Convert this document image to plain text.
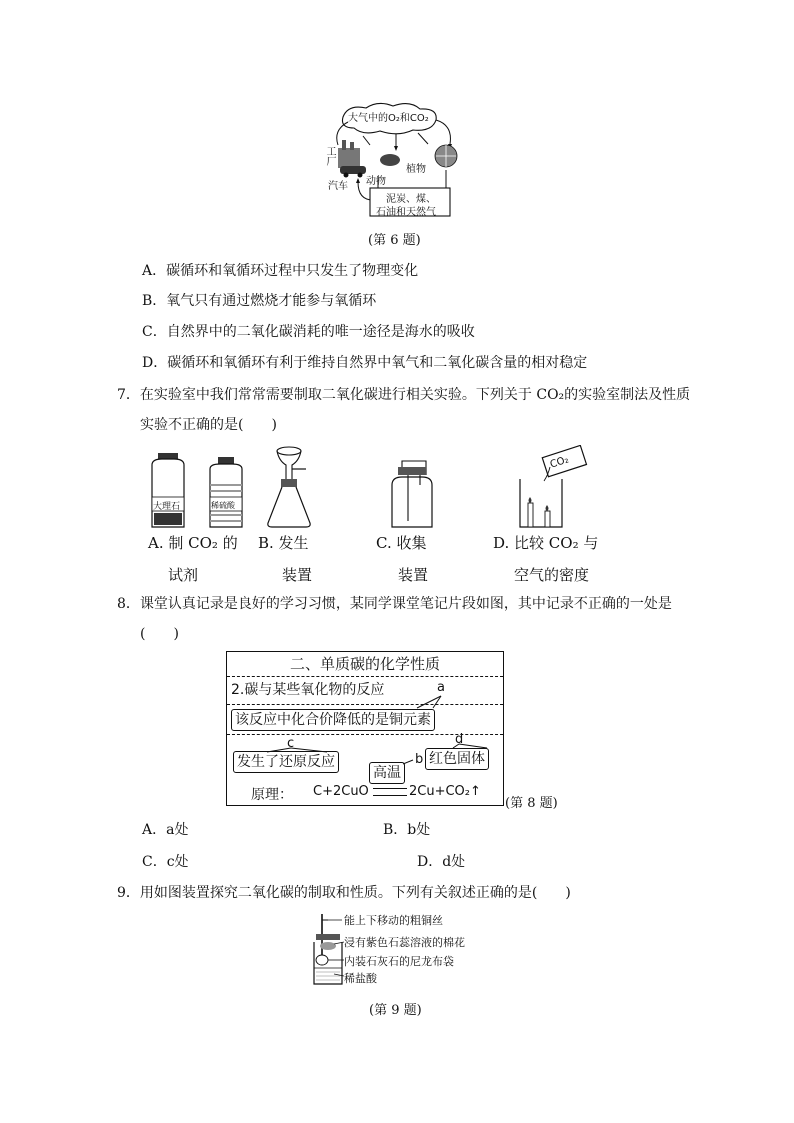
大气中的O₂和CO₂
工厂
汽车 动物
植物
泥炭、煤、
石油和天然气
(第 6 题)
A．碳循环和氧循环过程中只发生了物理变化
B．氧气只有通过燃烧才能参与氧循环
C．自然界中的二氧化碳消耗的唯一途径是海水的吸收
D．碳循环和氧循环有利于维持自然界中氧气和二氧化碳含量的相对稳定
7．在实验室中我们常常需要制取二氧化碳进行相关实验。下列关于 CO₂的实验室制法及性质
实验不正确的是(　　)
大理石	稀硫酸
CO₂
A. 制 CO₂ 的
试剂
B. 发生
装置
C. 收集
装置
D. 比较 CO₂ 与
空气的密度
8．课堂认真记录是良好的学习习惯，某同学课堂笔记片段如图，其中记录不正确的一处是
(　　)
二、单质碳的化学性质
2.碳与某些氧化物的反应
该反应中化合价降低的是铜元素
a
c	d
发生了还原反应
高温
b 红色固体
原理： C+2CuO	2Cu+CO₂↑
(第 8 题)
A．a处	B．b处
C．c处	D．d处
9．用如图装置探究二氧化碳的制取和性质。下列有关叙述正确的是(　　)
能上下移动的粗铜丝
浸有紫色石蕊溶液的棉花
内装石灰石的尼龙布袋
稀盐酸
(第 9 题)
